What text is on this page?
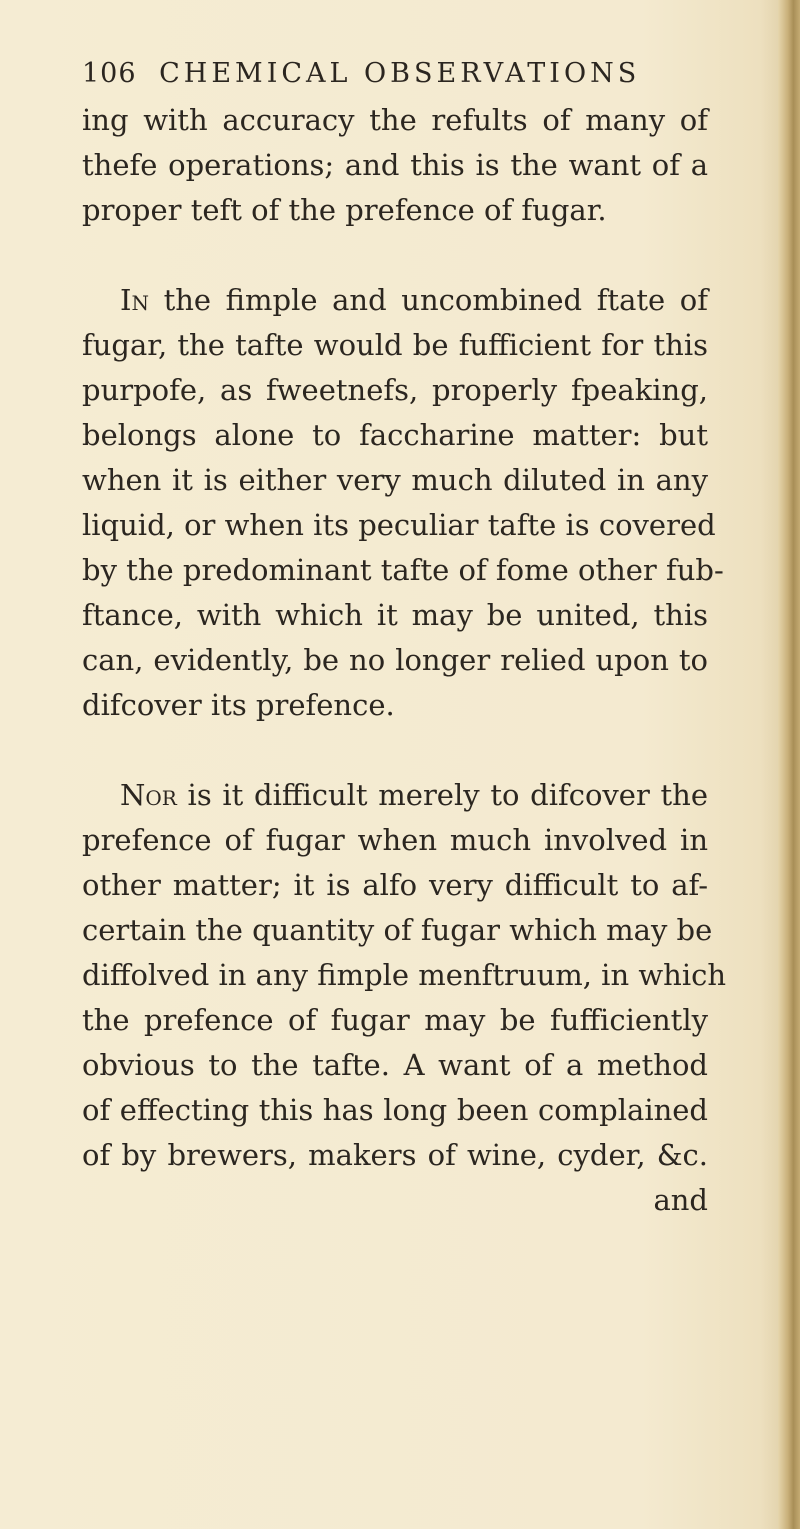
106 CHEMICAL OBSERVATIONS
ing with accuracy the refults of many of
thefe operations; and this is the want of a
proper teft of the prefence of fugar.
In the fimple and uncombined ftate of
fugar, the tafte would be fufficient for this
purpofe, as fweetnefs, properly fpeaking,
belongs alone to faccharine matter: but
when it is either very much diluted in any
liquid, or when its peculiar tafte is covered
by the predominant tafte of fome other fub-
ftance, with which it may be united, this
can, evidently, be no longer relied upon to
difcover its prefence.
Nor is it difficult merely to difcover the
prefence of fugar when much involved in
other matter; it is alfo very difficult to af-
certain the quantity of fugar which may be
diffolved in any fimple menftruum, in which
the prefence of fugar may be fufficiently
obvious to the tafte. A want of a method
of effecting this has long been complained
of by brewers, makers of wine, cyder, &c.
and
